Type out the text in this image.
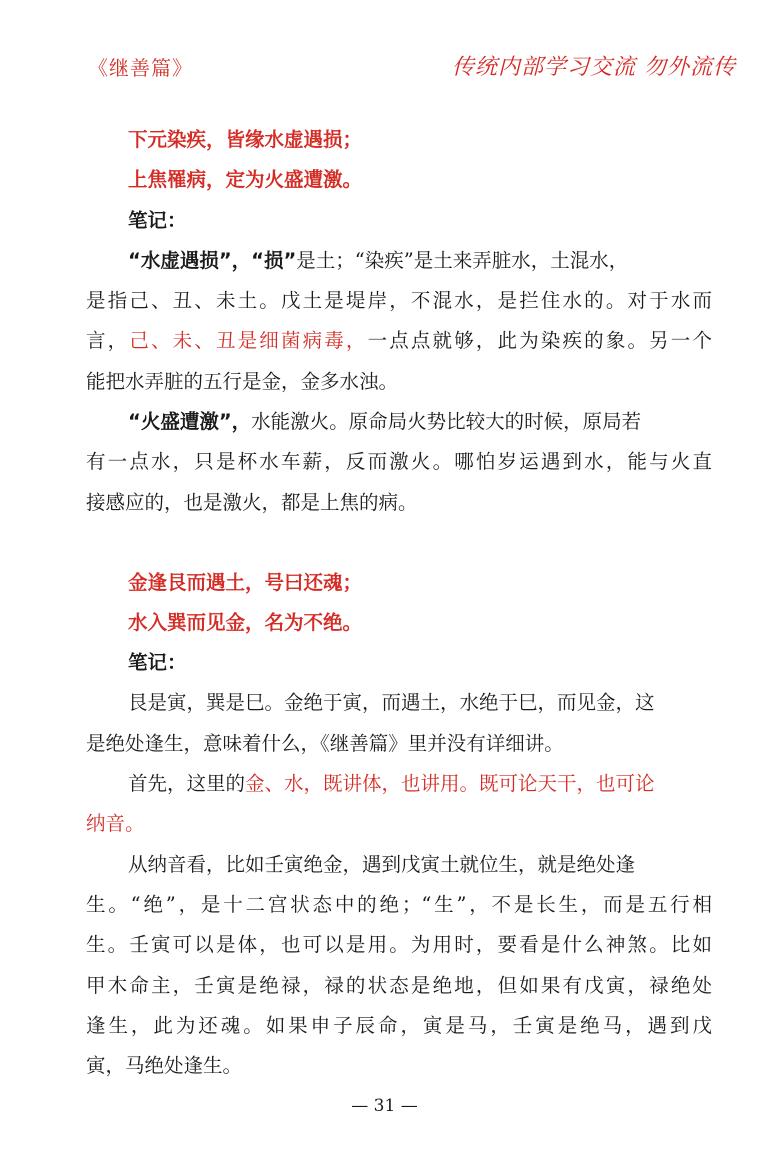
《继善篇》	传统内部学习交流 勿外流传
下元染疾，皆缘水虚遇损；
上焦罹病，定为火盛遭激。
笔记：
“水虚遇损”，“损”是土；“染疾”是土来弄脏水，土混水，
是指己、丑、未土。戊土是堤岸，不混水，是拦住水的。对于水而
言，己、未、丑是细菌病毒，一点点就够，此为染疾的象。另一个
能把水弄脏的五行是金，金多水浊。
“火盛遭激”，水能激火。原命局火势比较大的时候，原局若
有一点水，只是杯水车薪，反而激火。哪怕岁运遇到水，能与火直
接感应的，也是激火，都是上焦的病。
金逢艮而遇土，号曰还魂；
水入巽而见金，名为不绝。
笔记：
艮是寅，巽是巳。金绝于寅，而遇土，水绝于巳，而见金，这
是绝处逢生，意味着什么，《继善篇》里并没有详细讲。
首先，这里的金、水，既讲体，也讲用。既可论天干，也可论
纳音。
从纳音看，比如壬寅绝金，遇到戊寅土就位生，就是绝处逢
生。“绝”，是十二宫状态中的绝；“生”，不是长生，而是五行相
生。壬寅可以是体，也可以是用。为用时，要看是什么神煞。比如
甲木命主，壬寅是绝禄，禄的状态是绝地，但如果有戊寅，禄绝处
逢生，此为还魂。如果申子辰命，寅是马，壬寅是绝马，遇到戊
寅，马绝处逢生。
— 31 —
